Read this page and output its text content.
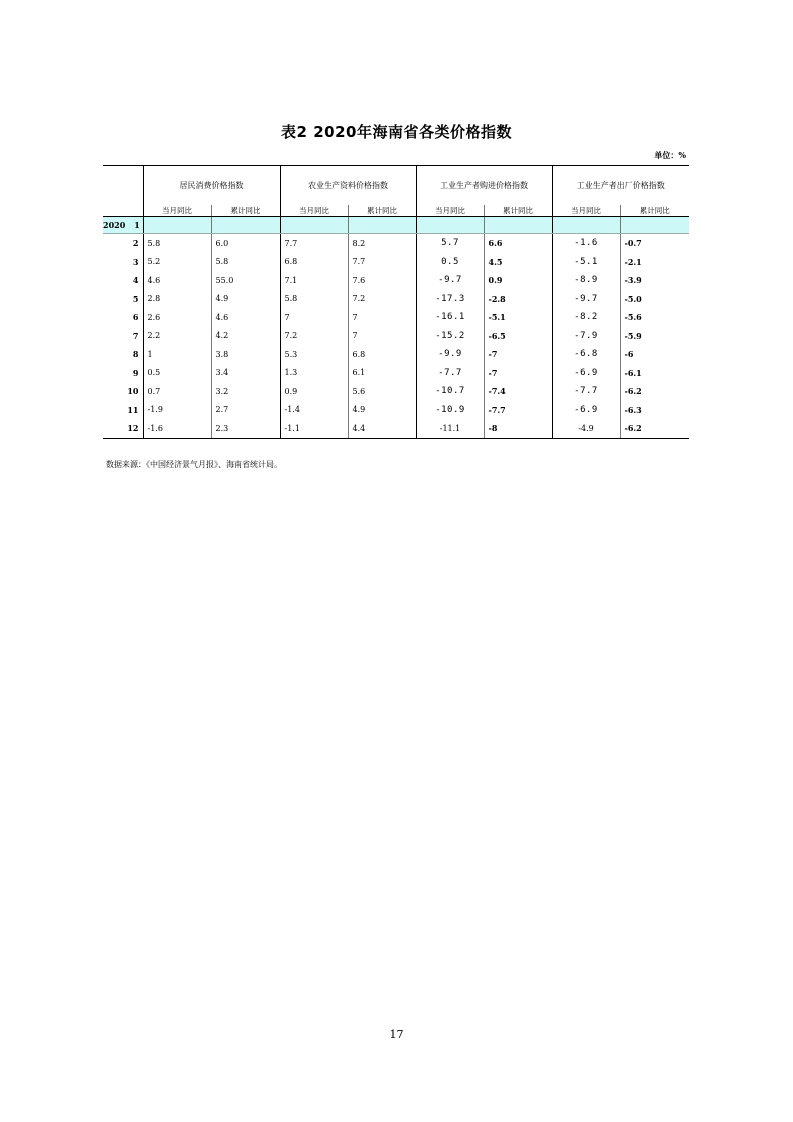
表2 2020年海南省各类价格指数
单位：%
	居民消费价格指数		农业生产资料价格指数		工业生产者购进价格指数		工业生产者出厂价格指数	
	当月同比	累计同比	当月同比	累计同比	当月同比	累计同比	当月同比	累计同比
2020 1								
2	5.8	6.0	7.7	8.2	5.7	6.6	-1.6	-0.7
3	5.2	5.8	6.8	7.7	0.5	4.5	-5.1	-2.1
4	4.6	55.0	7.1	7.6	-9.7	0.9	-8.9	-3.9
5	2.8	4.9	5.8	7.2	-17.3	-2.8	-9.7	-5.0
6	2.6	4.6	7	7	-16.1	-5.1	-8.2	-5.6
7	2.2	4.2	7.2	7	-15.2	-6.5	-7.9	-5.9
8	1	3.8	5.3	6.8	-9.9	-7	-6.8	-6
9	0.5	3.4	1.3	6.1	-7.7	-7	-6.9	-6.1
10	0.7	3.2	0.9	5.6	-10.7	-7.4	-7.7	-6.2
11	-1.9	2.7	-1.4	4.9	-10.9	-7.7	-6.9	-6.3
12	-1.6	2.3	-1.1	4.4	-11.1	-8	-4.9	-6.2
数据来源：《中国经济景气月报》、海南省统计局。
17
